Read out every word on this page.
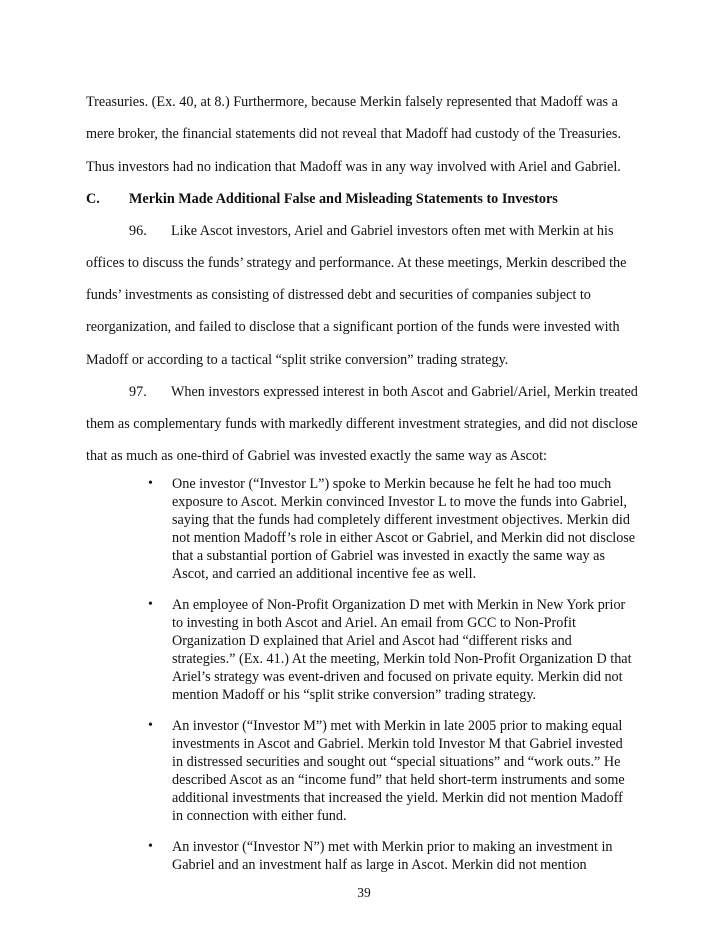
Treasuries. (Ex. 40, at 8.) Furthermore, because Merkin falsely represented that Madoff was a
mere broker, the financial statements did not reveal that Madoff had custody of the Treasuries.
Thus investors had no indication that Madoff was in any way involved with Ariel and Gabriel.
C. Merkin Made Additional False and Misleading Statements to Investors
96. Like Ascot investors, Ariel and Gabriel investors often met with Merkin at his
offices to discuss the funds’ strategy and performance. At these meetings, Merkin described the
funds’ investments as consisting of distressed debt and securities of companies subject to
reorganization, and failed to disclose that a significant portion of the funds were invested with
Madoff or according to a tactical “split strike conversion” trading strategy.
97. When investors expressed interest in both Ascot and Gabriel/Ariel, Merkin treated
them as complementary funds with markedly different investment strategies, and did not disclose
that as much as one-third of Gabriel was invested exactly the same way as Ascot:
• One investor (“Investor L”) spoke to Merkin because he felt he had too much
exposure to Ascot. Merkin convinced Investor L to move the funds into Gabriel,
saying that the funds had completely different investment objectives. Merkin did
not mention Madoff’s role in either Ascot or Gabriel, and Merkin did not disclose
that a substantial portion of Gabriel was invested in exactly the same way as
Ascot, and carried an additional incentive fee as well.
• An employee of Non-Profit Organization D met with Merkin in New York prior
to investing in both Ascot and Ariel. An email from GCC to Non-Profit
Organization D explained that Ariel and Ascot had “different risks and
strategies.” (Ex. 41.) At the meeting, Merkin told Non-Profit Organization D that
Ariel’s strategy was event-driven and focused on private equity. Merkin did not
mention Madoff or his “split strike conversion” trading strategy.
• An investor (“Investor M”) met with Merkin in late 2005 prior to making equal
investments in Ascot and Gabriel. Merkin told Investor M that Gabriel invested
in distressed securities and sought out “special situations” and “work outs.” He
described Ascot as an “income fund” that held short-term instruments and some
additional investments that increased the yield. Merkin did not mention Madoff
in connection with either fund.
• An investor (“Investor N”) met with Merkin prior to making an investment in
Gabriel and an investment half as large in Ascot. Merkin did not mention
39
